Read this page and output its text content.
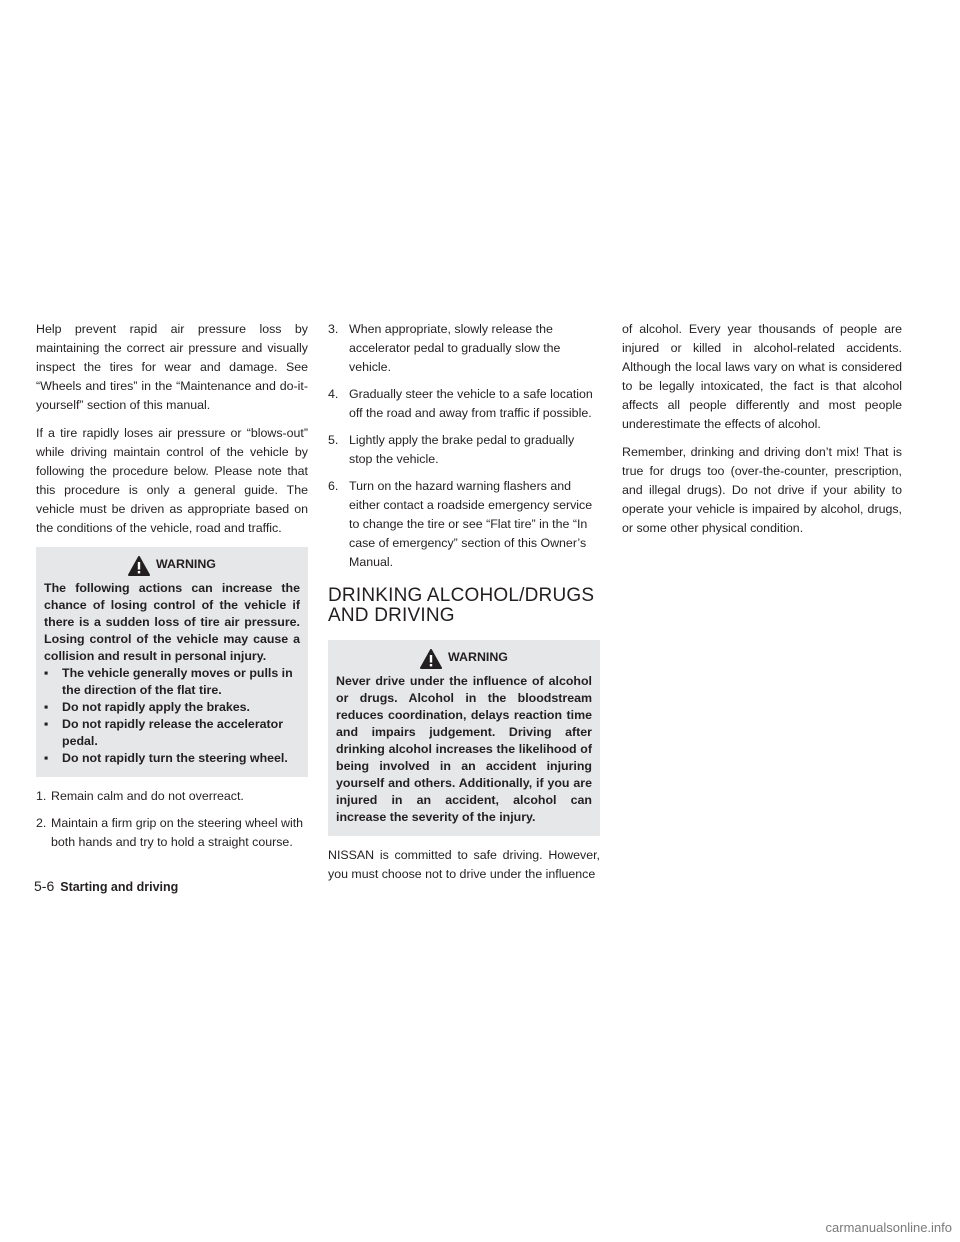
Help prevent rapid air pressure loss by maintaining the correct air pressure and visually inspect the tires for wear and damage. See “Wheels and tires” in the “Maintenance and do-it-yourself” section of this manual.

If a tire rapidly loses air pressure or “blows-out” while driving maintain control of the vehicle by following the procedure below. Please note that this procedure is only a general guide. The vehicle must be driven as appropriate based on the conditions of the vehicle, road and traffic.

WARNING
The following actions can increase the chance of losing control of the vehicle if there is a sudden loss of tire air pressure. Losing control of the vehicle may cause a collision and result in personal injury.
▪ The vehicle generally moves or pulls in the direction of the flat tire.
▪ Do not rapidly apply the brakes.
▪ Do not rapidly release the accelerator pedal.
▪ Do not rapidly turn the steering wheel.
1. Remain calm and do not overreact.
2. Maintain a firm grip on the steering wheel with both hands and try to hold a straight course.
3. When appropriate, slowly release the accelerator pedal to gradually slow the vehicle.
4. Gradually steer the vehicle to a safe location off the road and away from traffic if possible.
5. Lightly apply the brake pedal to gradually stop the vehicle.
6. Turn on the hazard warning flashers and either contact a roadside emergency service to change the tire or see “Flat tire” in the “In case of emergency” section of this Owner’s Manual.
DRINKING ALCOHOL/DRUGS AND DRIVING
WARNING
Never drive under the influence of alcohol or drugs. Alcohol in the bloodstream reduces coordination, delays reaction time and impairs judgement. Driving after drinking alcohol increases the likelihood of being involved in an accident injuring yourself and others. Additionally, if you are injured in an accident, alcohol can increase the severity of the injury.

NISSAN is committed to safe driving. However, you must choose not to drive under the influence

of alcohol. Every year thousands of people are injured or killed in alcohol-related accidents. Although the local laws vary on what is considered to be legally intoxicated, the fact is that alcohol affects all people differently and most people underestimate the effects of alcohol.

Remember, drinking and driving don’t mix! That is true for drugs too (over-the-counter, prescription, and illegal drugs). Do not drive if your ability to operate your vehicle is impaired by alcohol, drugs, or some other physical condition.

5-6 Starting and driving
carmanualsonline.info
